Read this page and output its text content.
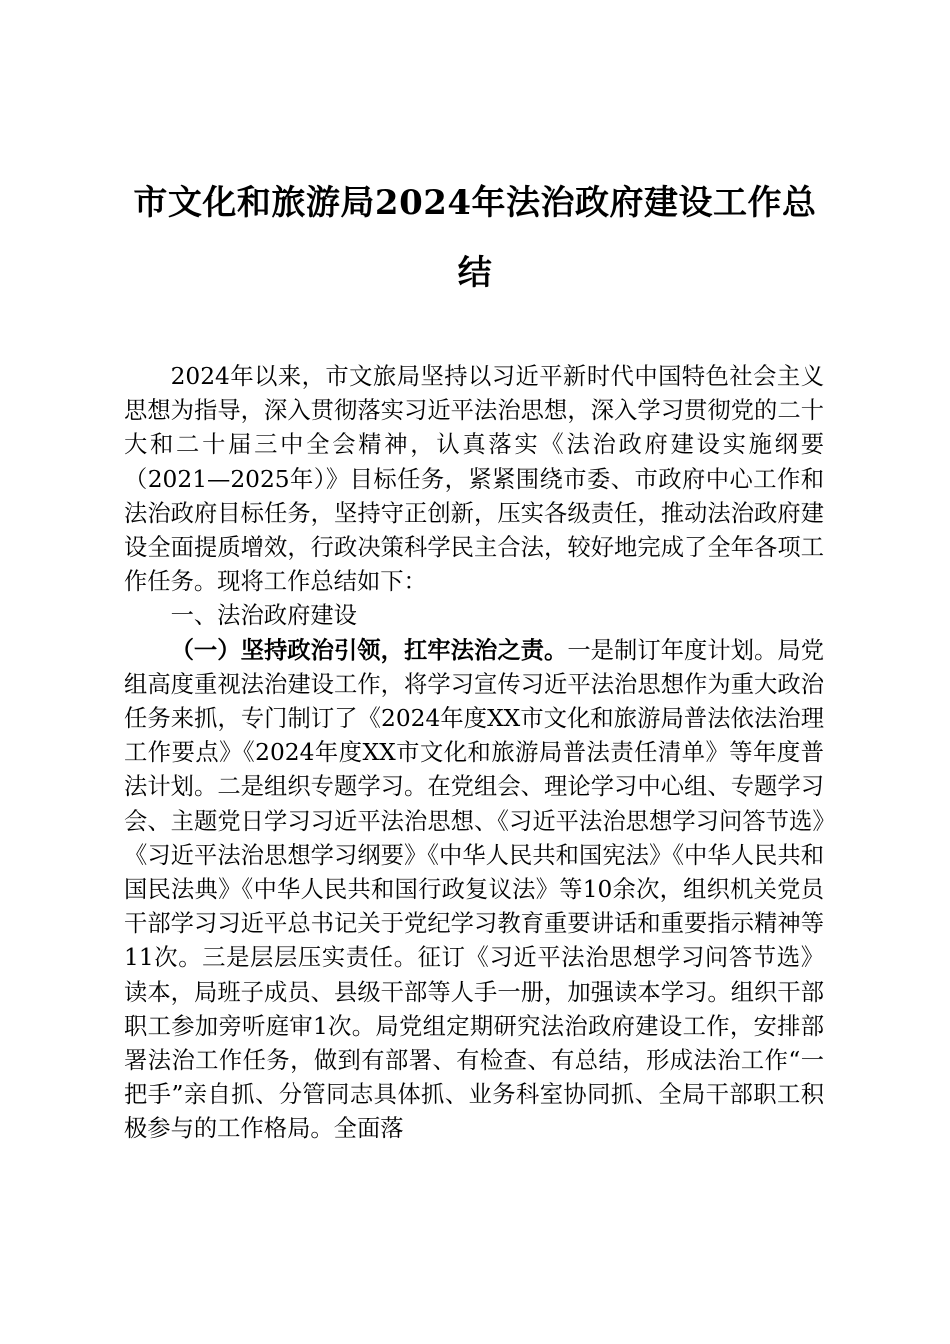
市文化和旅游局2024年法治政府建设工作总结

2024年以来，市文旅局坚持以习近平新时代中国特色社会主义思想为指导，深入贯彻落实习近平法治思想，深入学习贯彻党的二十大和二十届三中全会精神，认真落实《法治政府建设实施纲要（2021—2025年）》目标任务，紧紧围绕市委、市政府中心工作和法治政府目标任务，坚持守正创新，压实各级责任，推动法治政府建设全面提质增效，行政决策科学民主合法，较好地完成了全年各项工作任务。现将工作总结如下：

一、法治政府建设

（一）坚持政治引领，扛牢法治之责。一是制订年度计划。局党组高度重视法治建设工作，将学习宣传习近平法治思想作为重大政治任务来抓，专门制订了《2024年度XX市文化和旅游局普法依法治理工作要点》《2024年度XX市文化和旅游局普法责任清单》等年度普法计划。二是组织专题学习。在党组会、理论学习中心组、专题学习会、主题党日学习习近平法治思想、《习近平法治思想学习问答节选》《习近平法治思想学习纲要》《中华人民共和国宪法》《中华人民共和国民法典》《中华人民共和国行政复议法》等10余次，组织机关党员干部学习习近平总书记关于党纪学习教育重要讲话和重要指示精神等11次。三是层层压实责任。征订《习近平法治思想学习问答节选》读本，局班子成员、县级干部等人手一册，加强读本学习。组织干部职工参加旁听庭审1次。局党组定期研究法治政府建设工作，安排部署法治工作任务，做到有部署、有检查、有总结，形成法治工作“一把手”亲自抓、分管同志具体抓、业务科室协同抓、全局干部职工积极参与的工作格局。全面落
